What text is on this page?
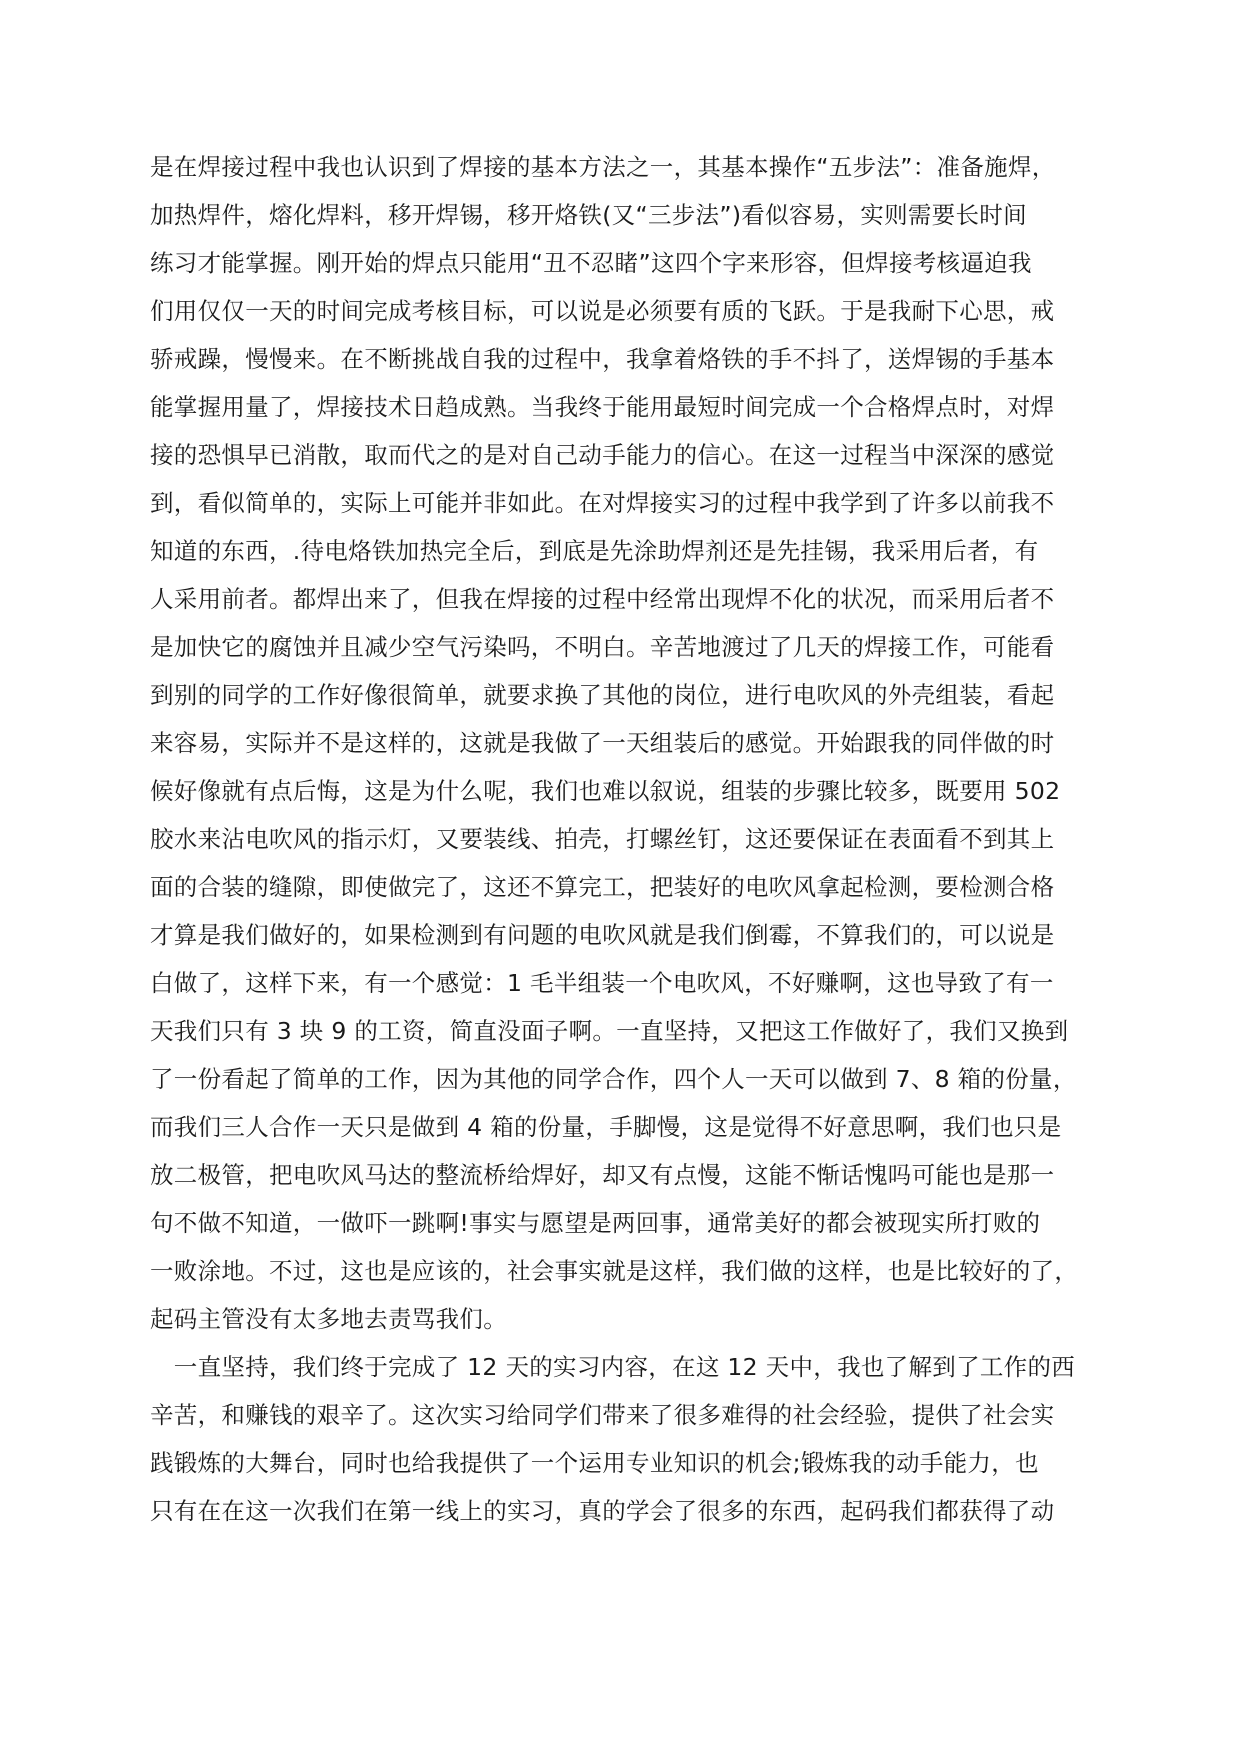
是在焊接过程中我也认识到了焊接的基本方法之一，其基本操作“五步法”：准备施焊，
加热焊件，熔化焊料，移开焊锡，移开烙铁(又“三步法”)看似容易，实则需要长时间
练习才能掌握。刚开始的焊点只能用“丑不忍睹”这四个字来形容，但焊接考核逼迫我
们用仅仅一天的时间完成考核目标，可以说是必须要有质的飞跃。于是我耐下心思，戒
骄戒躁，慢慢来。在不断挑战自我的过程中，我拿着烙铁的手不抖了，送焊锡的手基本
能掌握用量了，焊接技术日趋成熟。当我终于能用最短时间完成一个合格焊点时，对焊
接的恐惧早已消散，取而代之的是对自己动手能力的信心。在这一过程当中深深的感觉
到，看似简单的，实际上可能并非如此。在对焊接实习的过程中我学到了许多以前我不
知道的东西，.待电烙铁加热完全后，到底是先涂助焊剂还是先挂锡，我采用后者，有
人采用前者。都焊出来了，但我在焊接的过程中经常出现焊不化的状况，而采用后者不
是加快它的腐蚀并且减少空气污染吗，不明白。辛苦地渡过了几天的焊接工作，可能看
到别的同学的工作好像很简单，就要求换了其他的岗位，进行电吹风的外壳组装，看起
来容易，实际并不是这样的，这就是我做了一天组装后的感觉。开始跟我的同伴做的时
候好像就有点后悔，这是为什么呢，我们也难以叙说，组装的步骤比较多，既要用 502
胶水来沾电吹风的指示灯，又要装线、拍壳，打螺丝钉，这还要保证在表面看不到其上
面的合装的缝隙，即使做完了，这还不算完工，把装好的电吹风拿起检测，要检测合格
才算是我们做好的，如果检测到有问题的电吹风就是我们倒霉，不算我们的，可以说是
白做了，这样下来，有一个感觉：1 毛半组装一个电吹风，不好赚啊，这也导致了有一
天我们只有 3 块 9 的工资，简直没面子啊。一直坚持，又把这工作做好了，我们又换到
了一份看起了简单的工作，因为其他的同学合作，四个人一天可以做到 7、8 箱的份量，
而我们三人合作一天只是做到 4 箱的份量，手脚慢，这是觉得不好意思啊，我们也只是
放二极管，把电吹风马达的整流桥给焊好，却又有点慢，这能不惭话愧吗可能也是那一
句不做不知道，一做吓一跳啊!事实与愿望是两回事，通常美好的都会被现实所打败的
一败涂地。不过，这也是应该的，社会事实就是这样，我们做的这样，也是比较好的了，
起码主管没有太多地去责骂我们。
　一直坚持，我们终于完成了 12 天的实习内容，在这 12 天中，我也了解到了工作的西
辛苦，和赚钱的艰辛了。这次实习给同学们带来了很多难得的社会经验，提供了社会实
践锻炼的大舞台，同时也给我提供了一个运用专业知识的机会;锻炼我的动手能力，也
只有在在这一次我们在第一线上的实习，真的学会了很多的东西，起码我们都获得了动
